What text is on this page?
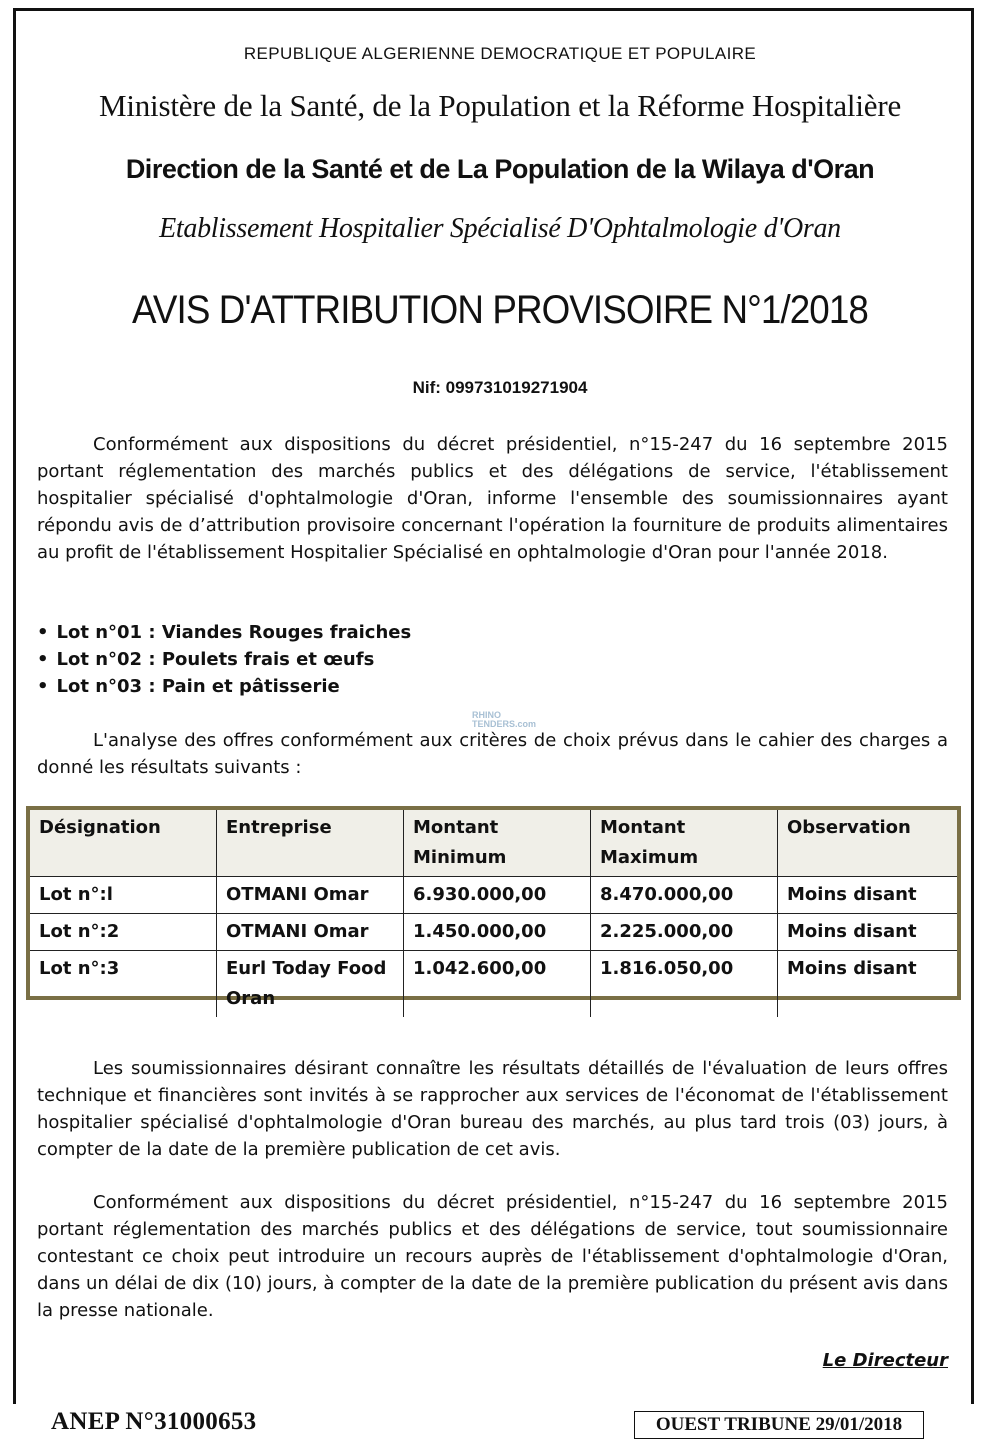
REPUBLIQUE ALGERIENNE DEMOCRATIQUE ET POPULAIRE
Ministère de la Santé, de la Population et la Réforme Hospitalière
Direction de la Santé et de La Population de la Wilaya d'Oran
Etablissement Hospitalier Spécialisé D'Ophtalmologie d'Oran
AVIS D'ATTRIBUTION PROVISOIRE N°1/2018
Nif: 099731019271904

Conformément aux dispositions du décret présidentiel, n°15-247 du 16 septembre 2015 portant réglementation des marchés publics et des délégations de service, l'établissement hospitalier spécialisé d'ophtalmologie d'Oran, informe l'ensemble des soumissionnaires ayant répondu avis de d’attribution provisoire concernant l'opération la fourniture de produits alimentaires au profit de l'établissement Hospitalier Spécialisé en ophtalmologie d'Oran pour l'année 2018.

• Lot n°01 : Viandes Rouges fraiches
• Lot n°02 : Poulets frais et œufs
• Lot n°03 : Pain et pâtisserie
RHINO
TENDERS.com

L'analyse des offres conformément aux critères de choix prévus dans le cahier des charges a donné les résultats suivants :

Désignation	Entreprise	Montant Minimum	Montant Maximum	Observation
Lot n°:l	OTMANI Omar	6.930.000,00	8.470.000,00	Moins disant
Lot n°:2	OTMANI Omar	1.450.000,00	2.225.000,00	Moins disant
Lot n°:3	Eurl Today Food Oran	1.042.600,00	1.816.050,00	Moins disant

Les soumissionnaires désirant connaître les résultats détaillés de l'évaluation de leurs offres technique et financières sont invités à se rapprocher aux services de l'économat de l'établissement hospitalier spécialisé d'ophtalmologie d'Oran bureau des marchés, au plus tard trois (03) jours, à compter de la date de la première publication de cet avis.

Conformément aux dispositions du décret présidentiel, n°15-247 du 16 septembre 2015 portant réglementation des marchés publics et des délégations de service, tout soumissionnaire contestant ce choix peut introduire un recours auprès de l'établissement d'ophtalmologie d'Oran, dans un délai de dix (10) jours, à compter de la date de la première publication du présent avis dans la presse nationale.

Le Directeur
ANEP N°31000653	OUEST TRIBUNE 29/01/2018
